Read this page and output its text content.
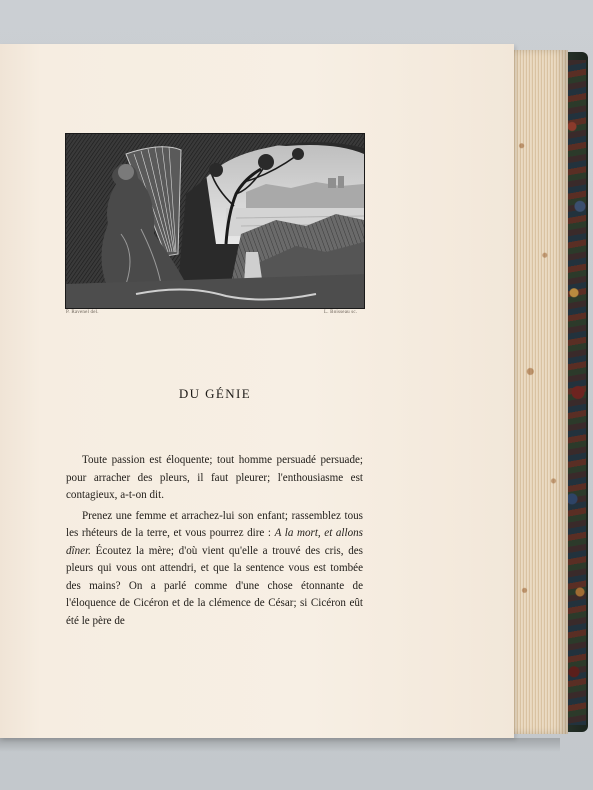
P. Ravenel del.	L. Boisseau sc.
DU GÉNIE

Toute passion est éloquente; tout homme persuadé persuade; pour arracher des pleurs, il faut pleurer; l'enthousiasme est contagieux, a-t-on dit.

Prenez une femme et arrachez-lui son enfant; rassemblez tous les rhéteurs de la terre, et vous pourrez dire : A la mort, et allons dîner. Écoutez la mère; d'où vient qu'elle a trouvé des cris, des pleurs qui vous ont attendri, et que la sentence vous est tombée des mains? On a parlé comme d'une chose étonnante de l'éloquence de Cicéron et de la clémence de César; si Cicéron eût été le père de
